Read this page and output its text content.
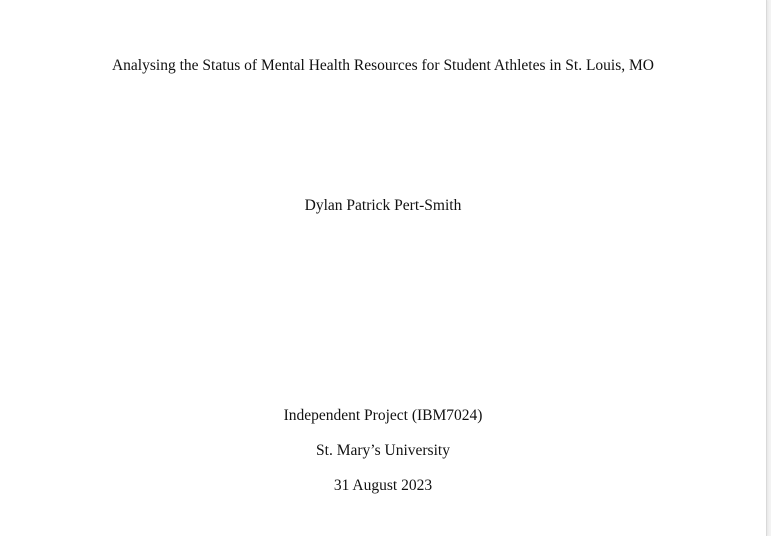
Analysing the Status of Mental Health Resources for Student Athletes in St. Louis, MO
Dylan Patrick Pert-Smith
Independent Project (IBM7024)
St. Mary’s University
31 August 2023
